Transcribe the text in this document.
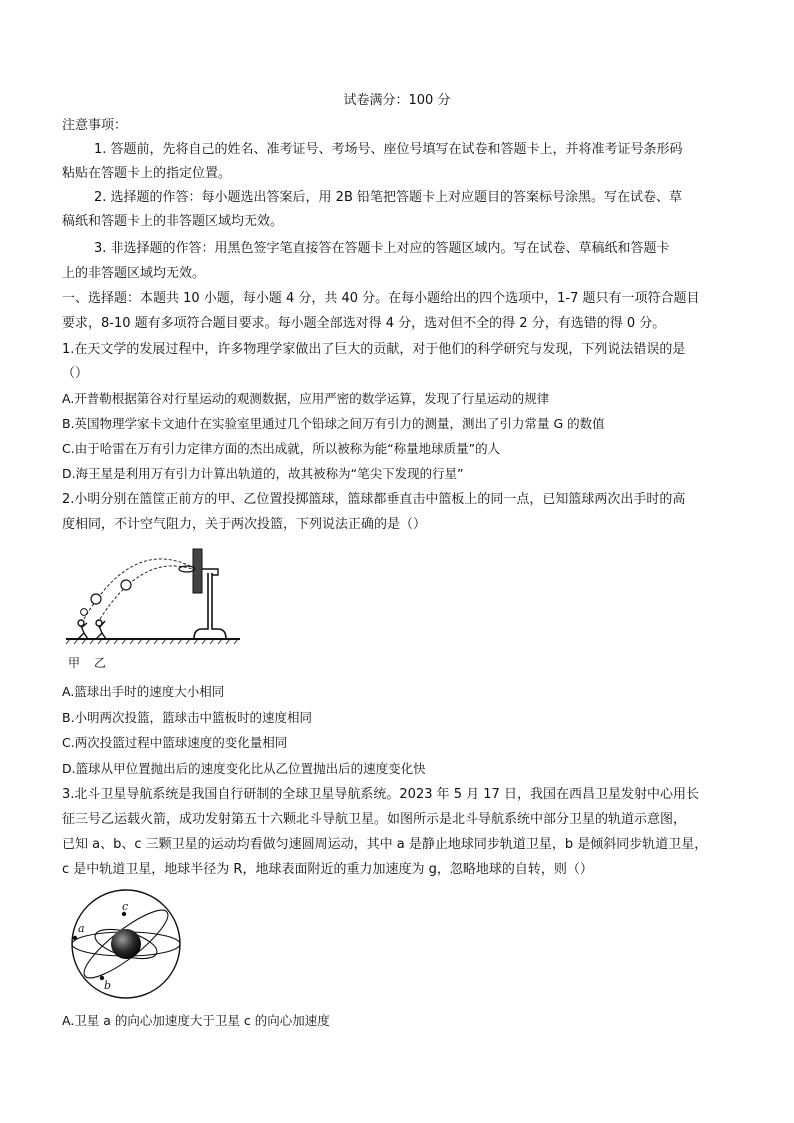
试卷满分：100 分
注意事项：
1. 答题前，先将自己的姓名、准考证号、考场号、座位号填写在试卷和答题卡上，并将准考证号条形码
粘贴在答题卡上的指定位置。
2. 选择题的作答：每小题选出答案后，用 2B 铅笔把答题卡上对应题目的答案标号涂黑。写在试卷、草
稿纸和答题卡上的非答题区域均无效。
3. 非选择题的作答：用黑色签字笔直接答在答题卡上对应的答题区域内。写在试卷、草稿纸和答题卡
上的非答题区域均无效。
一、选择题：本题共 10 小题，每小题 4 分，共 40 分。在每小题给出的四个选项中，1-7 题只有一项符合题目
要求，8-10 题有多项符合题目要求。每小题全部选对得 4 分，选对但不全的得 2 分，有选错的得 0 分。
1.在天文学的发展过程中，许多物理学家做出了巨大的贡献，对于他们的科学研究与发现，下列说法错误的是
（）
A.开普勒根据第谷对行星运动的观测数据，应用严密的数学运算，发现了行星运动的规律
B.英国物理学家卡文迪什在实验室里通过几个铅球之间万有引力的测量，测出了引力常量 G 的数值
C.由于哈雷在万有引力定律方面的杰出成就，所以被称为能“称量地球质量”的人
D.海王星是利用万有引力计算出轨道的，故其被称为“笔尖下发现的行星”
2.小明分别在篮筐正前方的甲、乙位置投掷篮球，篮球都垂直击中篮板上的同一点，已知篮球两次出手时的高
度相同，不计空气阻力，关于两次投篮，下列说法正确的是（）
甲 乙
A.篮球出手时的速度大小相同
B.小明两次投篮，篮球击中篮板时的速度相同
C.两次投篮过程中篮球速度的变化量相同
D.篮球从甲位置抛出后的速度变化比从乙位置抛出后的速度变化快
3.北斗卫星导航系统是我国自行研制的全球卫星导航系统。2023 年 5 月 17 日，我国在西昌卫星发射中心用长
征三号乙运载火箭，成功发射第五十六颗北斗导航卫星。如图所示是北斗导航系统中部分卫星的轨道示意图，
已知 a、b、c 三颗卫星的运动均看做匀速圆周运动，其中 a 是静止地球同步轨道卫星，b 是倾斜同步轨道卫星，
c 是中轨道卫星，地球半径为 R，地球表面附近的重力加速度为 g，忽略地球的自转，则（）
a
c
b
A.卫星 a 的向心加速度大于卫星 c 的向心加速度
